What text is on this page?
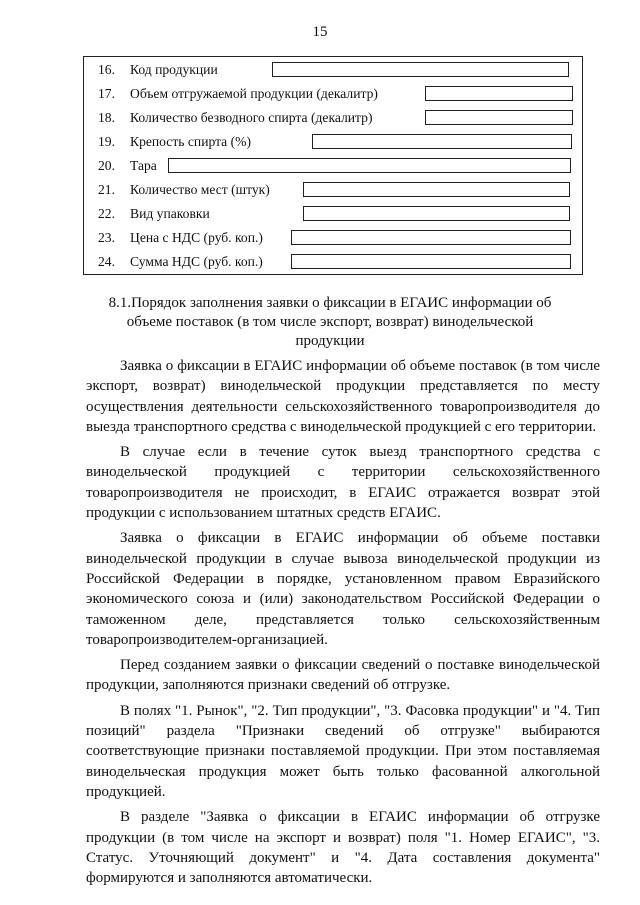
15
16. Код продукции
17. Объем отгружаемой продукции (декалитр)
18. Количество безводного спирта (декалитр)
19. Крепость спирта (%)
20. Тара
21. Количество мест (штук)
22. Вид упаковки
23. Цена с НДС (руб. коп.)
24. Сумма НДС (руб. коп.)
8.1.Порядок заполнения заявки о фиксации в ЕГАИС информации об объеме поставок (в том числе экспорт, возврат) винодельческой продукции

Заявка о фиксации в ЕГАИС информации об объеме поставок (в том числе экспорт, возврат) винодельческой продукции представляется по месту осуществления деятельности сельскохозяйственного товаропроизводителя до выезда транспортного средства с винодельческой продукцией с его территории.

В случае если в течение суток выезд транспортного средства с винодельческой продукцией с территории сельскохозяйственного товаропроизводителя не происходит, в ЕГАИС отражается возврат этой продукции с использованием штатных средств ЕГАИС.

Заявка о фиксации в ЕГАИС информации об объеме поставки винодельческой продукции в случае вывоза винодельческой продукции из Российской Федерации в порядке, установленном правом Евразийского экономического союза и (или) законодательством Российской Федерации о таможенном деле, представляется только сельскохозяйственным товаропроизводителем-организацией.

Перед созданием заявки о фиксации сведений о поставке винодельческой продукции, заполняются признаки сведений об отгрузке.

В полях "1. Рынок", "2. Тип продукции", "3. Фасовка продукции" и "4. Тип позиций" раздела "Признаки сведений об отгрузке" выбираются соответствующие признаки поставляемой продукции. При этом поставляемая винодельческая продукция может быть только фасованной алкогольной продукцией.

В разделе "Заявка о фиксации в ЕГАИС информации об отгрузке продукции (в том числе на экспорт и возврат) поля "1. Номер ЕГАИС", "3. Статус. Уточняющий документ" и "4. Дата составления документа" формируются и заполняются автоматически.
